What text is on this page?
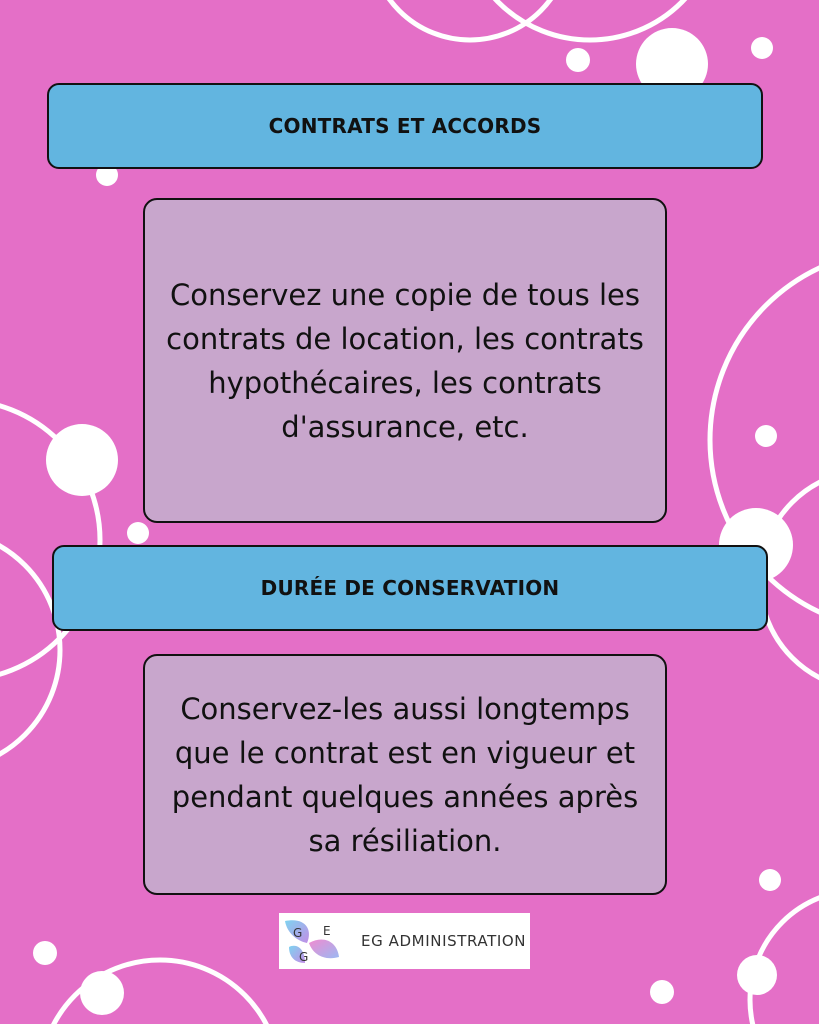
CONTRATS ET ACCORDS

Conservez une copie de tous les contrats de location, les contrats hypothécaires, les contrats d'assurance, etc.

DURÉE DE CONSERVATION

Conservez-les aussi longtemps que le contrat est en vigueur et pendant quelques années après sa résiliation.

G E
G
EG ADMINISTRATION
